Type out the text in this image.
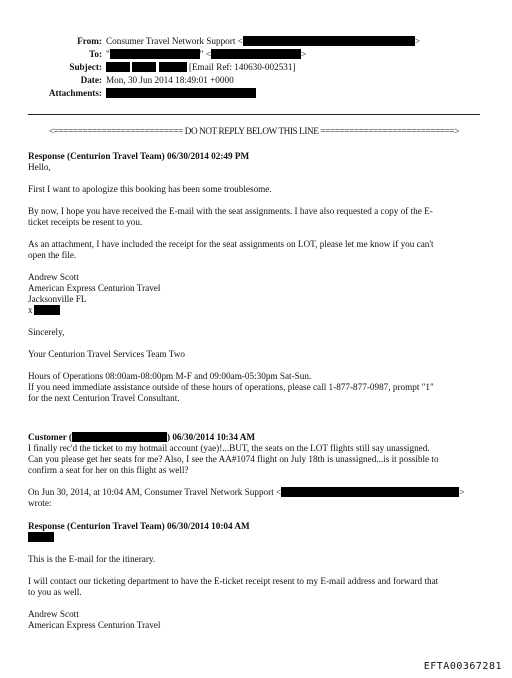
From: Consumer Travel Network Support <	>
To: "	" <	>
Subject:	[Email Ref: 140630-002531]
Date: Mon, 30 Jun 2014 18:49:01 +0000
Attachments:
<=========================== DO NOT REPLY BELOW THIS LINE ============================>

Response (Centurion Travel Team) 06/30/2014 02:49 PM

Hello,

First I want to apologize this booking has been some troublesome.

By now, I hope you have received the E-mail with the seat assignments. I have also requested a copy of the E-

ticket receipts be resent to you.

As an attachment, I have included the receipt for the seat assignments on LOT, please let me know if you can't

open the file.

Andrew Scott

American Express Centurion Travel

Jacksonville FL

x

Sincerely,

Your Centurion Travel Services Team Two

Hours of Operations 08:00am-08:00pm M-F and 09:00am-05:30pm Sat-Sun.

If you need immediate assistance outside of these hours of operations, please call 1-877-877-0987, prompt "1"

for the next Centurion Travel Consultant.

Customer (	) 06/30/2014 10:34 AM

I finally rec'd the ticket to my hotmail account (yae)!...BUT, the seats on the LOT flights still say unassigned.

Can you please get her seats for me? Also, I see the AA#1074 flight on July 18th is unassigned...is it possible to

confirm a seat for her on this flight as well?

On Jun 30, 2014, at 10:04 AM, Consumer Travel Network Support <	>

wrote:

Response (Centurion Travel Team) 06/30/2014 10:04 AM

This is the E-mail for the itinerary.

I will contact our ticketing department to have the E-ticket receipt resent to my E-mail address and forward that

to you as well.

Andrew Scott

American Express Centurion Travel

EFTA00367281
